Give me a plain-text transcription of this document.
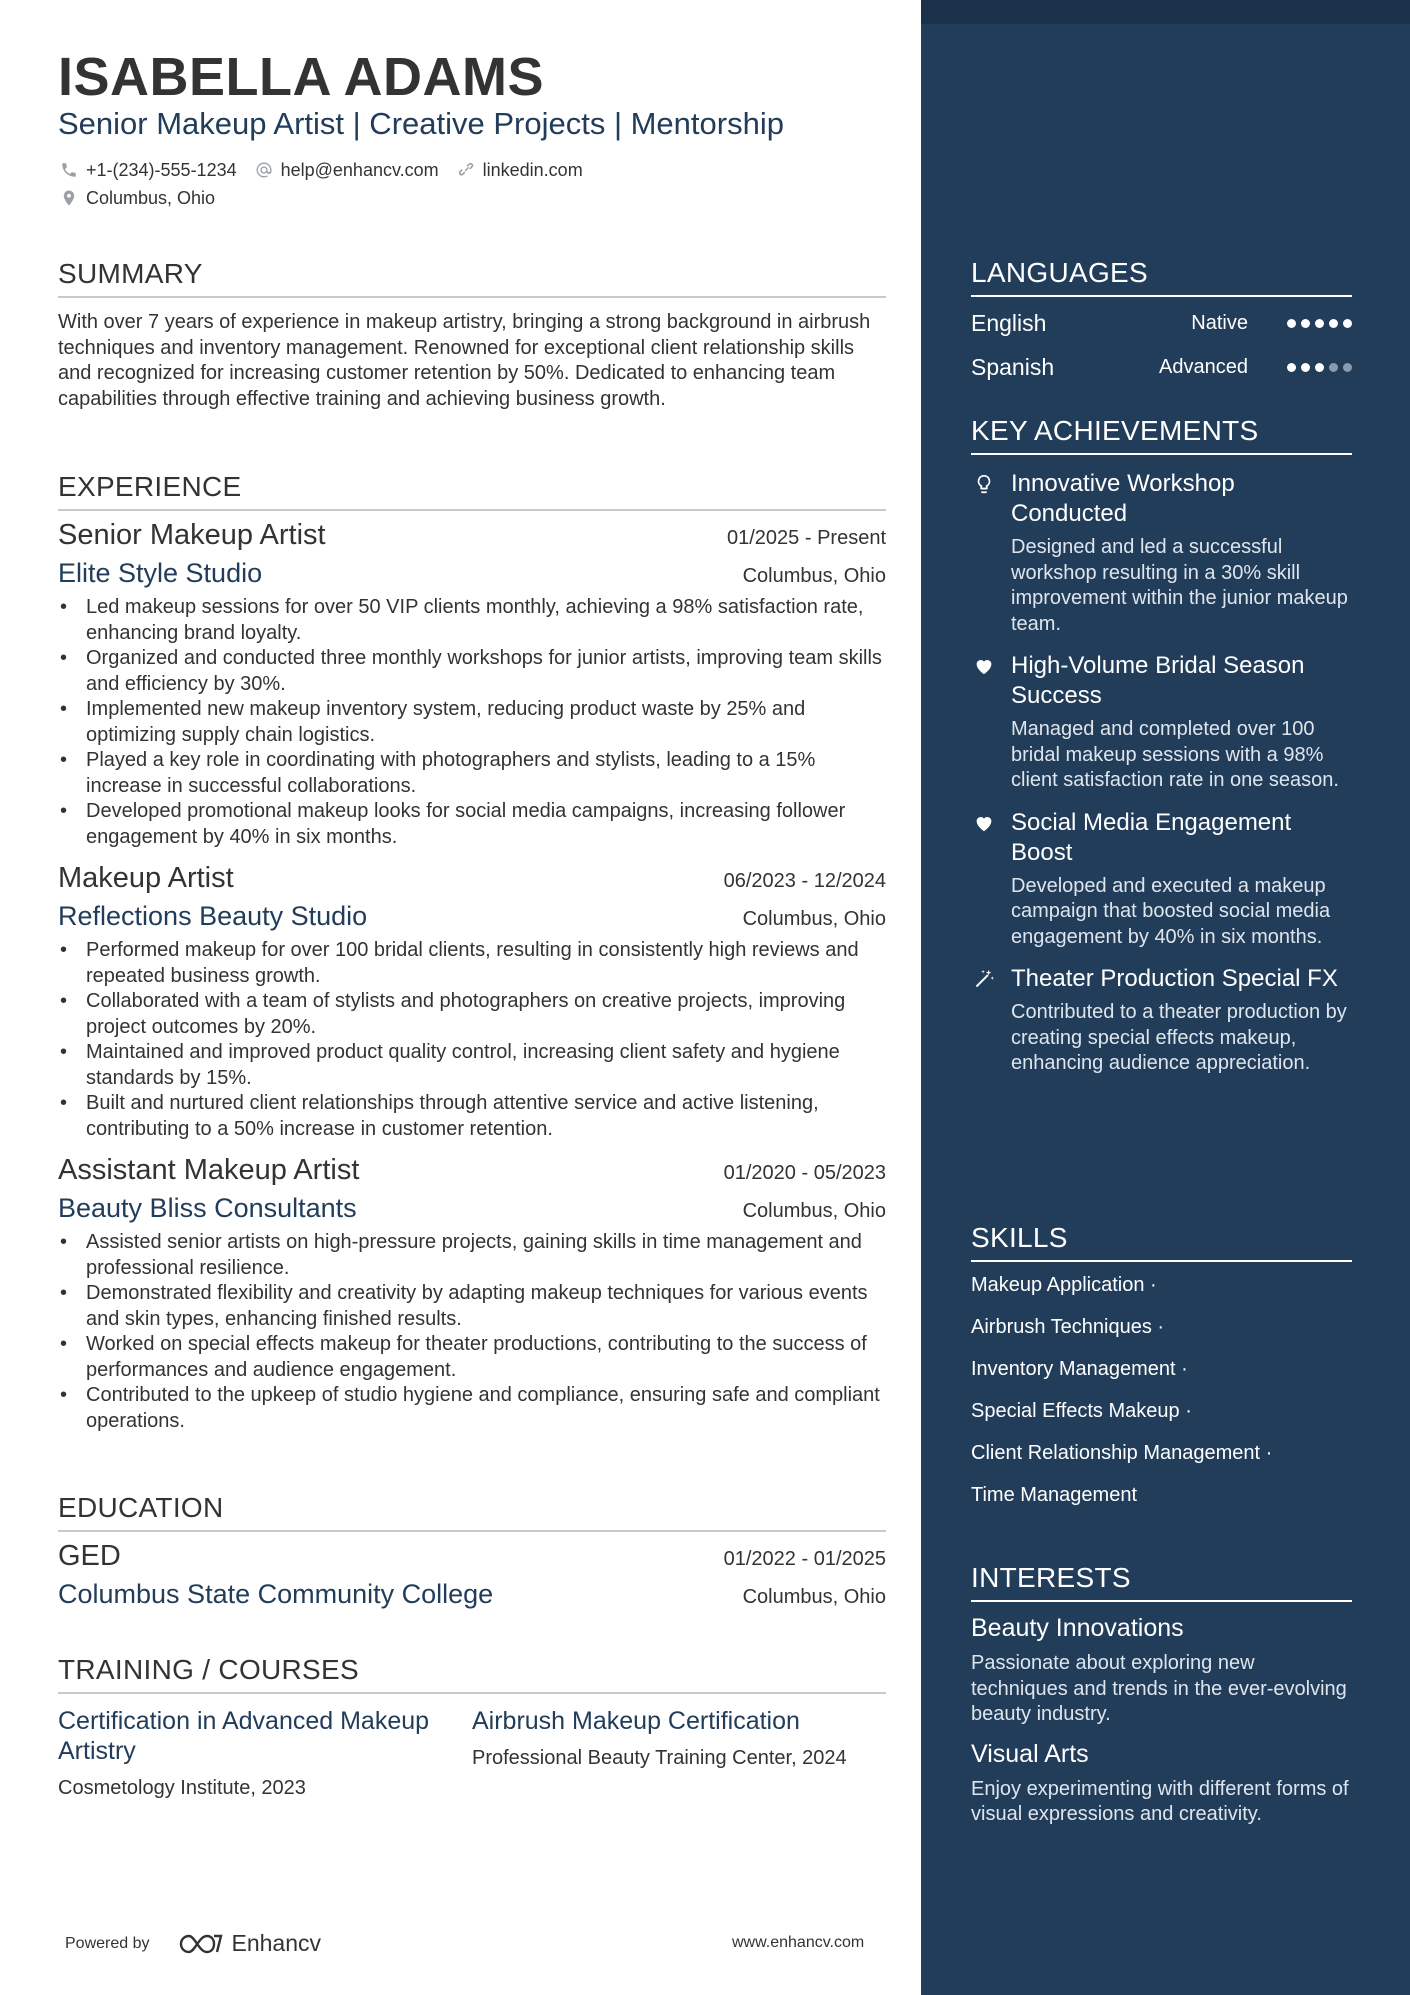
ISABELLA ADAMS
Senior Makeup Artist | Creative Projects | Mentorship
+1-(234)-555-1234 help@enhancv.com linkedin.com
Columbus, Ohio
SUMMARY
With over 7 years of experience in makeup artistry, bringing a strong background in airbrush techniques and inventory management. Renowned for exceptional client relationship skills and recognized for increasing customer retention by 50%. Dedicated to enhancing team capabilities through effective training and achieving business growth.
EXPERIENCE
Senior Makeup Artist	01/2025 - Present
Elite Style Studio	Columbus, Ohio
• Led makeup sessions for over 50 VIP clients monthly, achieving a 98% satisfaction rate, enhancing brand loyalty.
• Organized and conducted three monthly workshops for junior artists, improving team skills and efficiency by 30%.
• Implemented new makeup inventory system, reducing product waste by 25% and optimizing supply chain logistics.
• Played a key role in coordinating with photographers and stylists, leading to a 15% increase in successful collaborations.
• Developed promotional makeup looks for social media campaigns, increasing follower engagement by 40% in six months.
Makeup Artist	06/2023 - 12/2024
Reflections Beauty Studio	Columbus, Ohio
• Performed makeup for over 100 bridal clients, resulting in consistently high reviews and repeated business growth.
• Collaborated with a team of stylists and photographers on creative projects, improving project outcomes by 20%.
• Maintained and improved product quality control, increasing client safety and hygiene standards by 15%.
• Built and nurtured client relationships through attentive service and active listening, contributing to a 50% increase in customer retention.
Assistant Makeup Artist	01/2020 - 05/2023
Beauty Bliss Consultants	Columbus, Ohio
• Assisted senior artists on high-pressure projects, gaining skills in time management and professional resilience.
• Demonstrated flexibility and creativity by adapting makeup techniques for various events and skin types, enhancing finished results.
• Worked on special effects makeup for theater productions, contributing to the success of performances and audience engagement.
• Contributed to the upkeep of studio hygiene and compliance, ensuring safe and compliant operations.
EDUCATION
GED	01/2022 - 01/2025
Columbus State Community College	Columbus, Ohio
TRAINING / COURSES
Certification in Advanced Makeup Artistry
Cosmetology Institute, 2023
Airbrush Makeup Certification
Professional Beauty Training Center, 2024
Powered by	Enhancv	www.enhancv.com
LANGUAGES
English	Native
Spanish	Advanced
KEY ACHIEVEMENTS
Innovative Workshop Conducted
Designed and led a successful workshop resulting in a 30% skill improvement within the junior makeup team.
High-Volume Bridal Season Success
Managed and completed over 100 bridal makeup sessions with a 98% client satisfaction rate in one season.
Social Media Engagement Boost
Developed and executed a makeup campaign that boosted social media engagement by 40% in six months.
Theater Production Special FX
Contributed to a theater production by creating special effects makeup, enhancing audience appreciation.
SKILLS
Makeup Application ·
Airbrush Techniques ·
Inventory Management ·
Special Effects Makeup ·
Client Relationship Management ·
Time Management
INTERESTS
Beauty Innovations
Passionate about exploring new techniques and trends in the ever-evolving beauty industry.
Visual Arts
Enjoy experimenting with different forms of visual expressions and creativity.
